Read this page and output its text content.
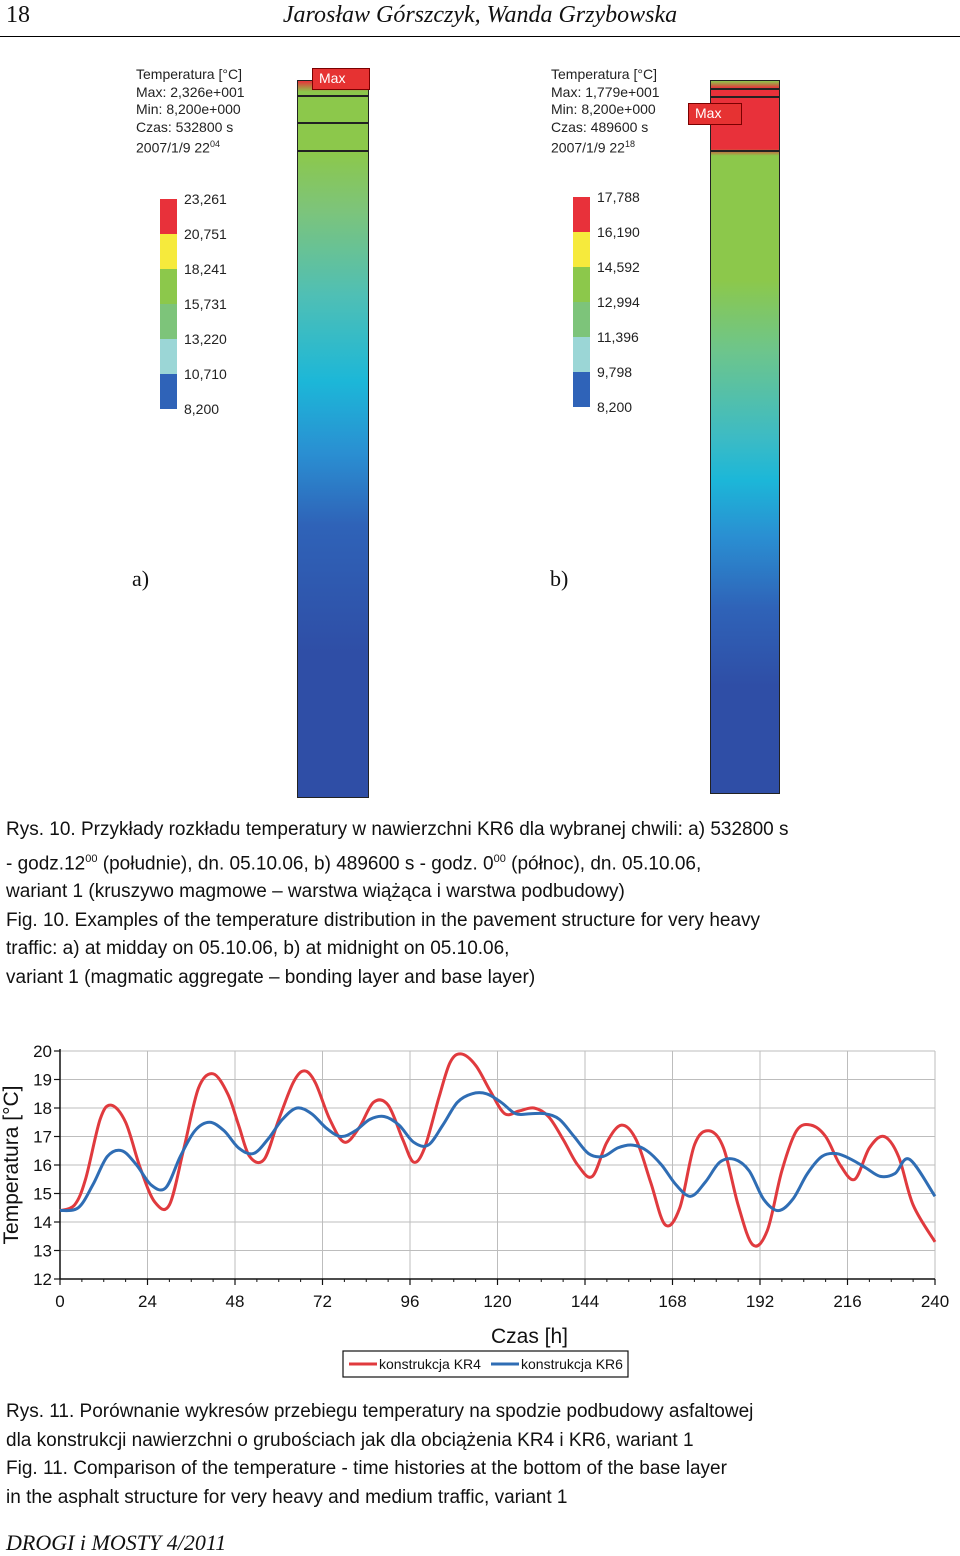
18	Jarosław Górszczyk, Wanda Grzybowska
Temperatura [°C]
Max: 2,326e+001
Min: 8,200e+000
Czas: 532800 s
2007/1/9 $22^{04}$
23,261
20,751
18,241
15,731
13,220
10,710
8,200
Max
a)
Temperatura [°C]
Max: 1,779e+001
Min: 8,200e+000
Czas: 489600 s
2007/1/9 $22^{18}$
17,788
16,190
14,592
12,994
11,396
9,798
8,200
Max
b)
Rys. 10. Przykłady rozkładu temperatury w nawierzchni KR6 dla wybranej chwili: a) 532800 s
- $godz.12^{00}$ (południe), dn. 05.10.06, b) 489600 s - godz. $0^{00}$ (północ), dn. 05.10.06,
wariant 1 (kruszywo magmowe – warstwa wiążąca i warstwa podbudowy)
Fig. 10. Examples of the temperature distribution in the pavement structure for very heavy
traffic: a) at midday on 05.10.06, b) at midnight on 05.10.06,
variant 1 (magmatic aggregate – bonding layer and base layer)
12
13
14
15
16
17
18
19
20
0	24	48	72	96	120	144	168	192	216	240
Czas [h]
Temperatura [°C]
konstrukcja KR4	konstrukcja KR6
Rys. 11. Porównanie wykresów przebiegu temperatury na spodzie podbudowy asfaltowej
dla konstrukcji nawierzchni o grubościach jak dla obciążenia KR4 i KR6, wariant 1
Fig. 11. Comparison of the temperature - time histories at the bottom of the base layer
in the asphalt structure for very heavy and medium traffic, variant 1
DROGI i MOSTY 4/2011
